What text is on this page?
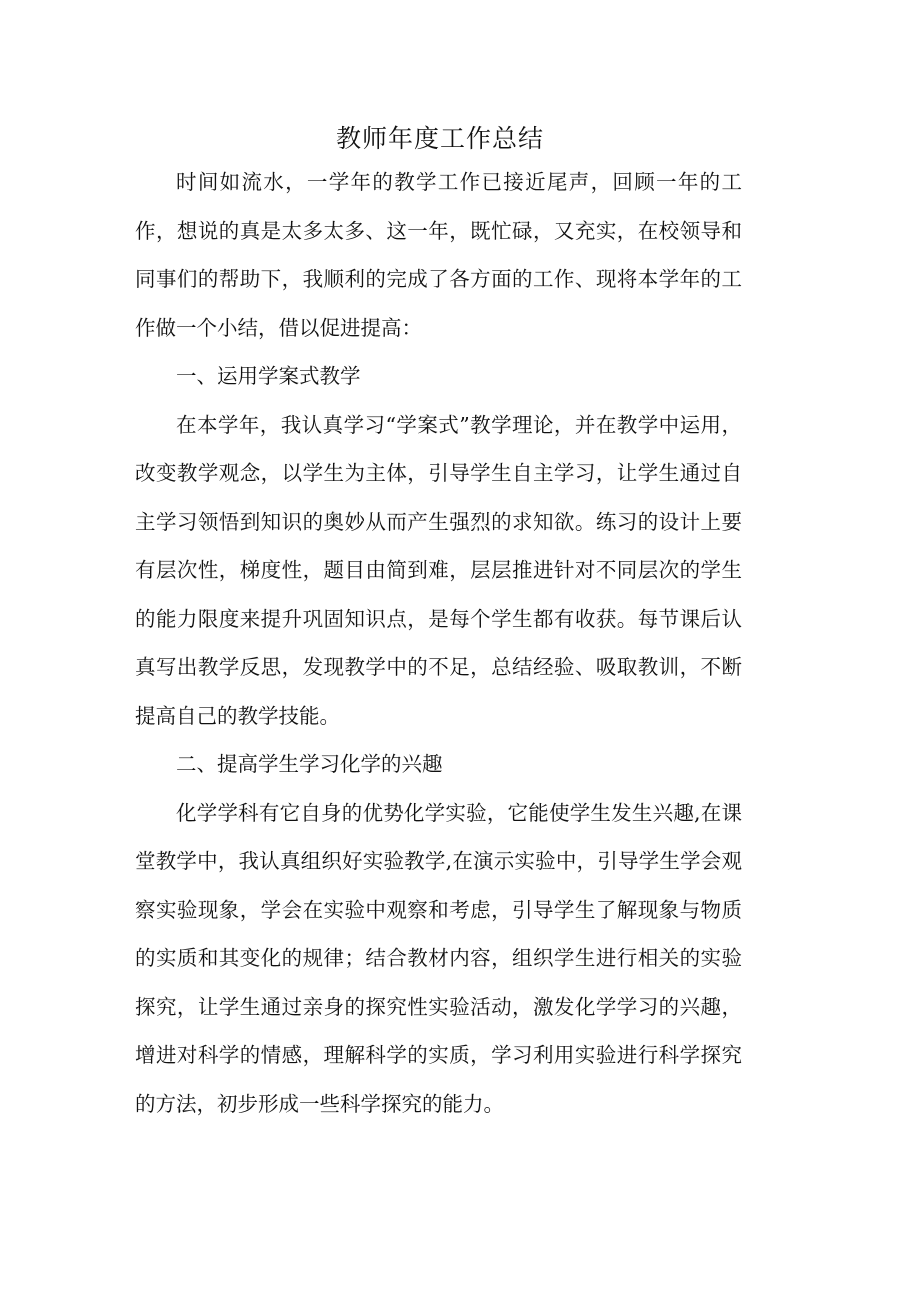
教师年度工作总结

时间如流水，一学年的教学工作已接近尾声，回顾一年的工作，想说的真是太多太多、这一年，既忙碌，又充实，在校领导和同事们的帮助下，我顺利的完成了各方面的工作、现将本学年的工作做一个小结，借以促进提高：

一、运用学案式教学

在本学年，我认真学习“学案式”教学理论，并在教学中运用，改变教学观念，以学生为主体，引导学生自主学习，让学生通过自主学习领悟到知识的奥妙从而产生强烈的求知欲。练习的设计上要有层次性，梯度性，题目由简到难，层层推进针对不同层次的学生的能力限度来提升巩固知识点，是每个学生都有收获。每节课后认真写出教学反思，发现教学中的不足，总结经验、吸取教训，不断提高自己的教学技能。

二、提高学生学习化学的兴趣

化学学科有它自身的优势化学实验，它能使学生发生兴趣,在课堂教学中，我认真组织好实验教学,在演示实验中，引导学生学会观察实验现象，学会在实验中观察和考虑，引导学生了解现象与物质的实质和其变化的规律；结合教材内容，组织学生进行相关的实验探究，让学生通过亲身的探究性实验活动，激发化学学习的兴趣，增进对科学的情感，理解科学的实质，学习利用实验进行科学探究的方法，初步形成一些科学探究的能力。
